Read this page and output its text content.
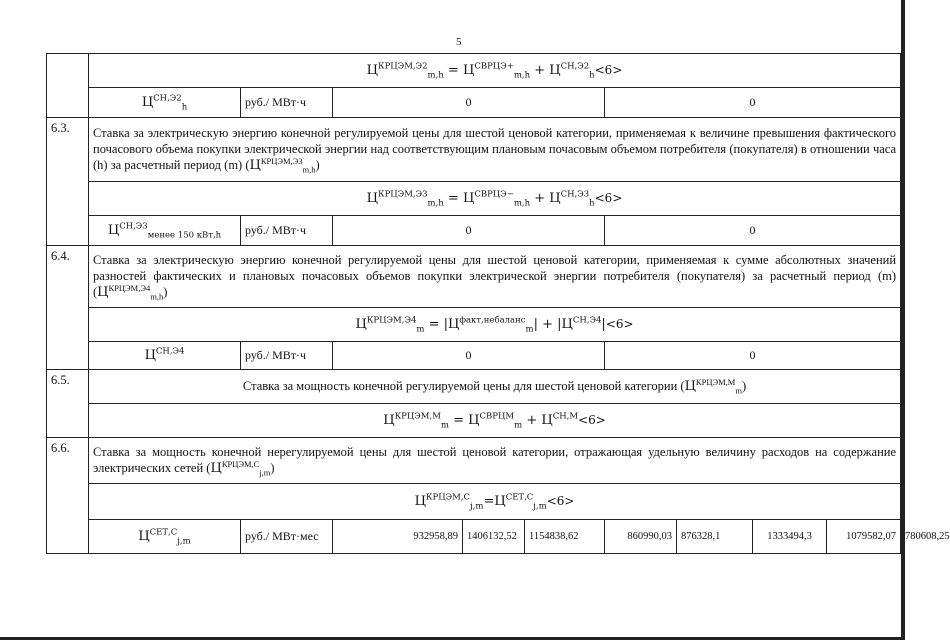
5
	$Ц^{КРЦЭМ,Э2}_{m,h} = Ц^{СВРЦЭ+}_{m,h} + Ц^{СН,Э2}_h<6>$									
	$Ц^{СН,Э2}_h$	руб./ МВт·ч	0			0				
6.3.	Ставка за электрическую энергию конечной регулируемой цены для шестой ценовой категории, применяемая к величине превышения фактического почасового объема покупки электрической энергии над соответствующим плановым почасовым объемом потребителя (покупателя) в отношении часа (h) за расчетный период (m) $(Ц^{КРЦЭМ,Э3}_{m,h})$									
	$Ц^{КРЦЭМ,Э3}_{m,h} = Ц^{СВРЦЭ-}_{m,h} + Ц^{СН,Э3}_h<6>$									
	$Ц^{СН,Э3}_{менее 150 кВт,h}$	руб./ МВт·ч	0			0				
6.4.	Ставка за электрическую энергию конечной регулируемой цены для шестой ценовой категории, применяемая к сумме абсолютных значений разностей фактических и плановых почасовых объемов покупки электрической энергии потребителя (покупателя) за расчетный период (m) $(Ц^{КРЦЭМ,Э4}_{m,h})$									
	$Ц^{КРЦЭМ,Э4}_m = |Ц^{факт,небаланс}_m| + |Ц^{СН,Э4}|<6>$									
	$Ц^{СН,Э4}$	руб./ МВт·ч	0			0				
6.5.	Ставка за мощность конечной регулируемой цены для шестой ценовой категории $(Ц^{КРЦЭМ,М}_m)$									
	$Ц^{КРЦЭМ,М}_m = Ц^{СВРЦМ}_m + Ц^{СН,М}<6>$									
6.6.	Ставка за мощность конечной нерегулируемой цены для шестой ценовой категории, отражающая удельную величину расходов на содержание электрических сетей $(Ц^{КРЦЭМ,С}_{j,m})$									
	$Ц^{КРЦЭМ,С}_{j,m}=Ц^{СЕТ,С}_{j,m}<6>$									
	$Ц^{СЕТ,С}_{j,m}$	руб./ МВт·мес	932958,89	1406132,52	1154838,62	860990,03	876328,1	1333494,3	1079582,07	780608,25
